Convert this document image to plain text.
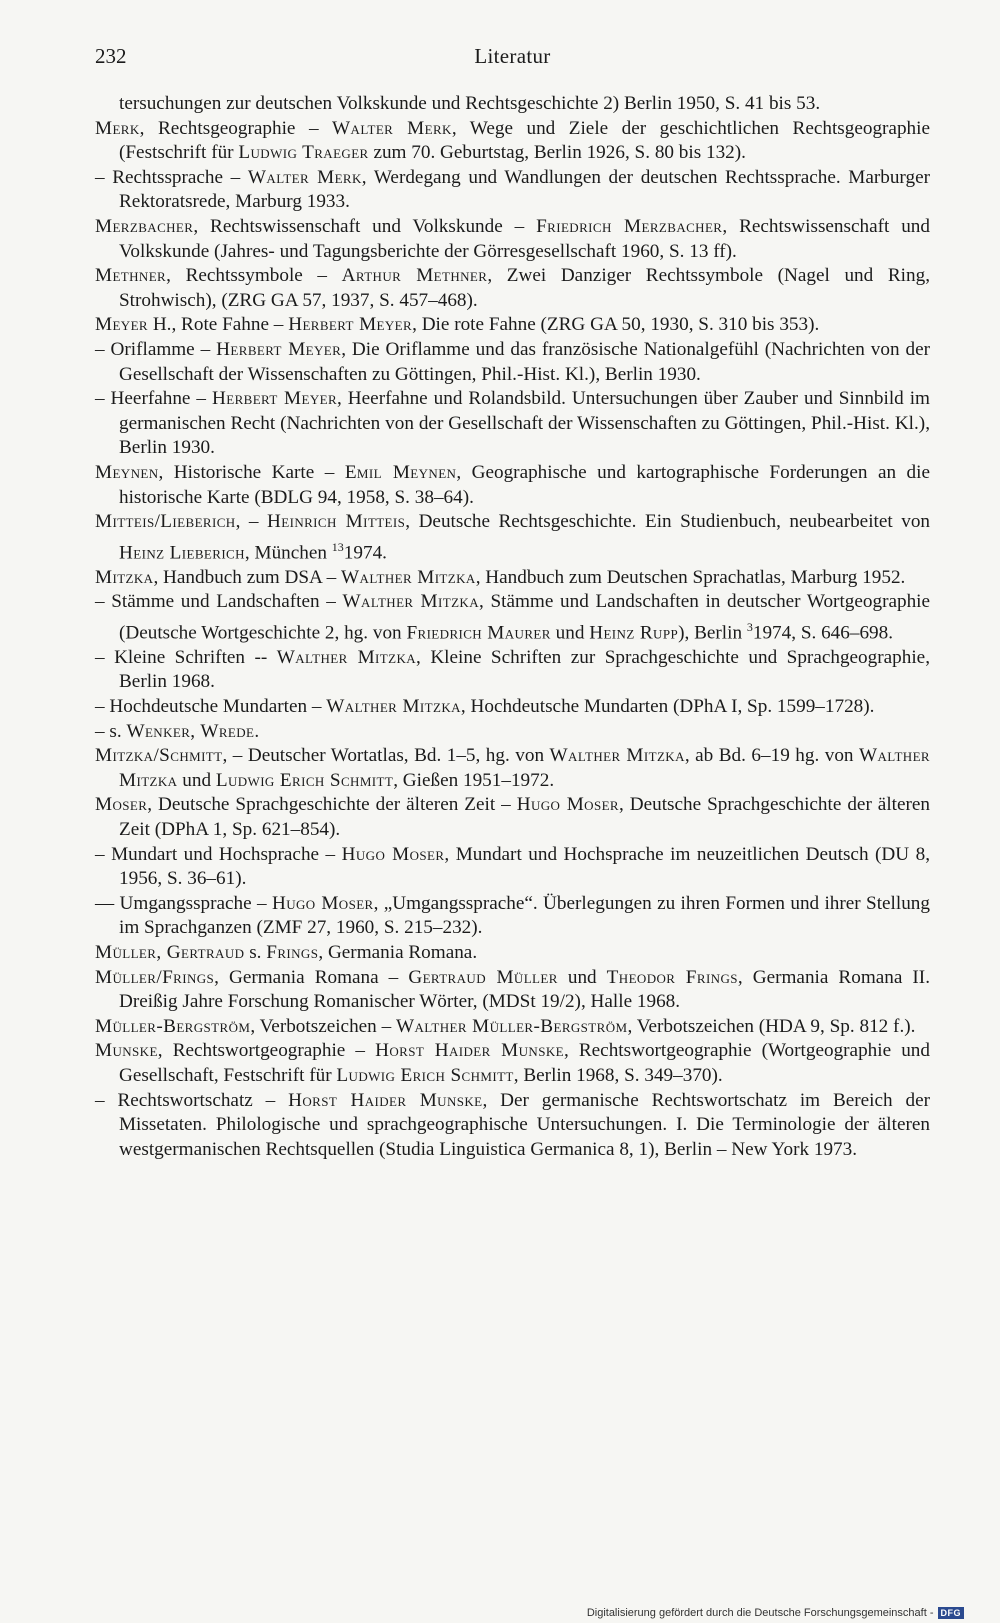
232	Literatur

tersuchungen zur deutschen Volkskunde und Rechtsgeschichte 2) Berlin 1950, S. 41 bis 53.

Merk, Rechtsgeographie – Walter Merk, Wege und Ziele der geschichtlichen Rechtsgeographie (Festschrift für Ludwig Traeger zum 70. Geburtstag, Berlin 1926, S. 80 bis 132).

– Rechtssprache – Walter Merk, Werdegang und Wandlungen der deutschen Rechtssprache. Marburger Rektoratsrede, Marburg 1933.

Merzbacher, Rechtswissenschaft und Volkskunde – Friedrich Merzbacher, Rechtswissenschaft und Volkskunde (Jahres- und Tagungsberichte der Görresgesellschaft 1960, S. 13 ff).

Methner, Rechtssymbole – Arthur Methner, Zwei Danziger Rechtssymbole (Nagel und Ring, Strohwisch), (ZRG GA 57, 1937, S. 457–468).

Meyer H., Rote Fahne – Herbert Meyer, Die rote Fahne (ZRG GA 50, 1930, S. 310 bis 353).

– Oriflamme – Herbert Meyer, Die Oriflamme und das französische Nationalgefühl (Nachrichten von der Gesellschaft der Wissenschaften zu Göttingen, Phil.-Hist. Kl.), Berlin 1930.

– Heerfahne – Herbert Meyer, Heerfahne und Rolandsbild. Untersuchungen über Zauber und Sinnbild im germanischen Recht (Nachrichten von der Gesellschaft der Wissenschaften zu Göttingen, Phil.-Hist. Kl.), Berlin 1930.

Meynen, Historische Karte – Emil Meynen, Geographische und kartographische Forderungen an die historische Karte (BDLG 94, 1958, S. 38–64).

Mitteis/Lieberich, – Heinrich Mitteis, Deutsche Rechtsgeschichte. Ein Studienbuch, neubearbeitet von Heinz Lieberich, München $^{13}$1974.

Mitzka, Handbuch zum DSA – Walther Mitzka, Handbuch zum Deutschen Sprachatlas, Marburg 1952.

– Stämme und Landschaften – Walther Mitzka, Stämme und Landschaften in deutscher Wortgeographie (Deutsche Wortgeschichte 2, hg. von Friedrich Maurer und Heinz Rupp), Berlin $^3$1974, S. 646–698.

– Kleine Schriften -- Walther Mitzka, Kleine Schriften zur Sprachgeschichte und Sprachgeographie, Berlin 1968.

– Hochdeutsche Mundarten – Walther Mitzka, Hochdeutsche Mundarten (DPhA I, Sp. 1599–1728).

– s. Wenker, Wrede.

Mitzka/Schmitt, – Deutscher Wortatlas, Bd. 1–5, hg. von Walther Mitzka, ab Bd. 6–19 hg. von Walther Mitzka und Ludwig Erich Schmitt, Gießen 1951–1972.

Moser, Deutsche Sprachgeschichte der älteren Zeit – Hugo Moser, Deutsche Sprachgeschichte der älteren Zeit (DPhA 1, Sp. 621–854).

– Mundart und Hochsprache – Hugo Moser, Mundart und Hochsprache im neuzeitlichen Deutsch (DU 8, 1956, S. 36–61).

— Umgangssprache – Hugo Moser, „Umgangssprache“. Überlegungen zu ihren Formen und ihrer Stellung im Sprachganzen (ZMF 27, 1960, S. 215–232).

Müller, Gertraud s. Frings, Germania Romana.

Müller/Frings, Germania Romana – Gertraud Müller und Theodor Frings, Germania Romana II. Dreißig Jahre Forschung Romanischer Wörter, (MDSt 19/2), Halle 1968.

Müller-Bergström, Verbotszeichen – Walther Müller-Bergström, Verbotszeichen (HDA 9, Sp. 812 f.).

Munske, Rechtswortgeographie – Horst Haider Munske, Rechtswortgeographie (Wortgeographie und Gesellschaft, Festschrift für Ludwig Erich Schmitt, Berlin 1968, S. 349–370).

– Rechtswortschatz – Horst Haider Munske, Der germanische Rechtswortschatz im Bereich der Missetaten. Philologische und sprachgeographische Untersuchungen. I. Die Terminologie der älteren westgermanischen Rechtsquellen (Studia Linguistica Germanica 8, 1), Berlin – New York 1973.

Digitalisierung gefördert durch die Deutsche Forschungsgemeinschaft - DFG
